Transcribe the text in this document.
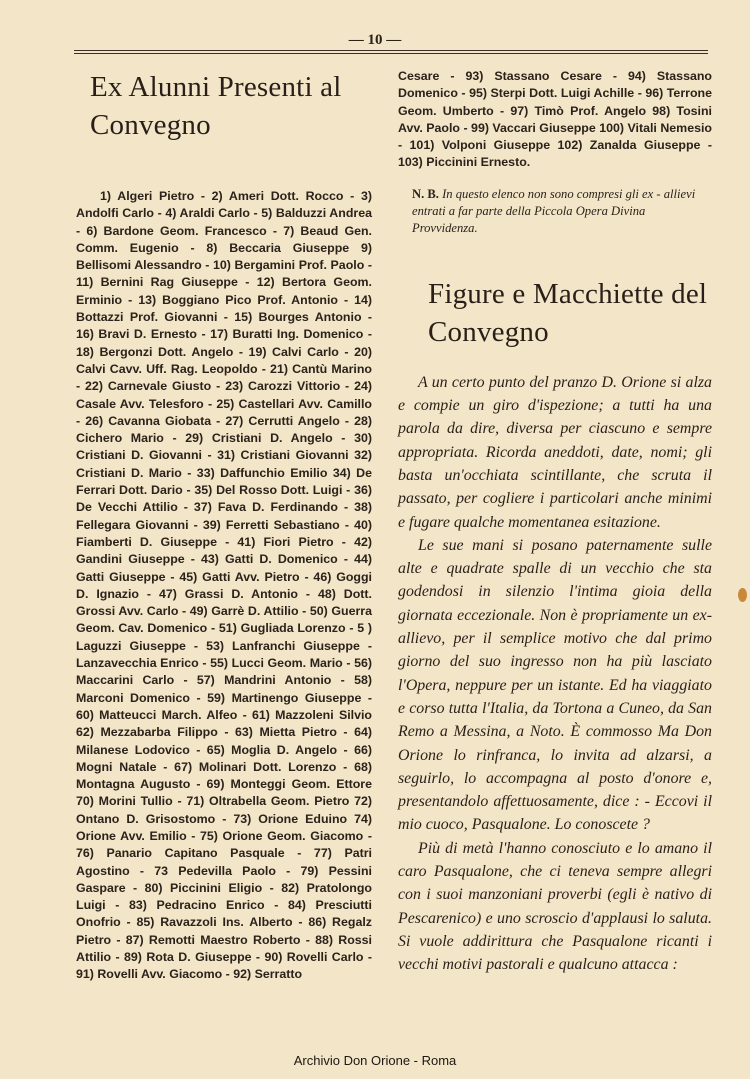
— 10 —
Ex Alunni Presenti al Convegno

1) Algeri Pietro - 2) Ameri Dott. Rocco - 3) Andolfi Carlo - 4) Araldi Carlo - 5) Balduzzi Andrea - 6) Bardone Geom. Francesco - 7) Beaud Gen. Comm. Eugenio - 8) Beccaria Giuseppe 9) Bellisomi Alessandro - 10) Bergamini Prof. Paolo - 11) Bernini Rag Giuseppe - 12) Bertora Geom. Erminio - 13) Boggiano Pico Prof. Antonio - 14) Bottazzi Prof. Giovanni - 15) Bourges Antonio - 16) Bravi D. Ernesto - 17) Buratti Ing. Domenico - 18) Bergonzi Dott. Angelo - 19) Calvi Carlo - 20) Calvi Cavv. Uff. Rag. Leopoldo - 21) Cantù Marino - 22) Carnevale Giusto - 23) Carozzi Vittorio - 24) Casale Avv. Telesforo - 25) Castellari Avv. Camillo - 26) Cavanna Giobata - 27) Cerrutti Angelo - 28) Cichero Mario - 29) Cristiani D. Angelo - 30) Cristiani D. Giovanni - 31) Cristiani Giovanni 32) Cristiani D. Mario - 33) Daffunchio Emilio 34) De Ferrari Dott. Dario - 35) Del Rosso Dott. Luigi - 36) De Vecchi Attilio - 37) Fava D. Ferdinando - 38) Fellegara Giovanni - 39) Ferretti Sebastiano - 40) Fiamberti D. Giuseppe - 41) Fiori Pietro - 42) Gandini Giuseppe - 43) Gatti D. Domenico - 44) Gatti Giuseppe - 45) Gatti Avv. Pietro - 46) Goggi D. Ignazio - 47) Grassi D. Antonio - 48) Dott. Grossi Avv. Carlo - 49) Garrè D. Attilio - 50) Guerra Geom. Cav. Domenico - 51) Gugliada Lorenzo - 5 ) Laguzzi Giuseppe - 53) Lanfranchi Giuseppe - Lanzavecchia Enrico - 55) Lucci Geom. Mario - 56) Maccarini Carlo - 57) Mandrini Antonio - 58) Marconi Domenico - 59) Martinengo Giuseppe - 60) Matteucci March. Alfeo - 61) Mazzoleni Silvio 62) Mezzabarba Filippo - 63) Mietta Pietro - 64) Milanese Lodovico - 65) Moglia D. Angelo - 66) Mogni Natale - 67) Molinari Dott. Lorenzo - 68) Montagna Augusto - 69) Monteggi Geom. Ettore 70) Morini Tullio - 71) Oltrabella Geom. Pietro 72) Ontano D. Grisostomo - 73) Orione Eduino 74) Orione Avv. Emilio - 75) Orione Geom. Giacomo - 76) Panario Capitano Pasquale - 77) Patri Agostino - 73 Pedevilla Paolo - 79) Pessini Gaspare - 80) Piccinini Eligio - 82) Pratolongo Luigi - 83) Pedracino Enrico - 84) Presciutti Onofrio - 85) Ravazzoli Ins. Alberto - 86) Regalz Pietro - 87) Remotti Maestro Roberto - 88) Rossi Attilio - 89) Rota D. Giuseppe - 90) Rovelli Carlo - 91) Rovelli Avv. Giacomo - 92) Serratto

Cesare - 93) Stassano Cesare - 94) Stassano Domenico - 95) Sterpi Dott. Luigi Achille - 96) Terrone Geom. Umberto - 97) Timò Prof. Angelo 98) Tosini Avv. Paolo - 99) Vaccari Giuseppe 100) Vitali Nemesio - 101) Volponi Giuseppe 102) Zanalda Giuseppe - 103) Piccinini Ernesto.

N. B. In questo elenco non sono compresi gli ex - allievi entrati a far parte della Piccola Opera Divina Provvidenza.

Figure e Macchiette del Convegno

A un certo punto del pranzo D. Orione si alza e compie un giro d'ispezione; a tutti ha una parola da dire, diversa per ciascuno e sempre appropriata. Ricorda aneddoti, date, nomi; gli basta un'occhiata scintillante, che scruta il passato, per cogliere i particolari anche minimi e fugare qualche momentanea esitazione.

Le sue mani si posano paternamente sulle alte e quadrate spalle di un vecchio che sta godendosi in silenzio l'intima gioia della giornata eccezionale. Non è propriamente un ex-allievo, per il semplice motivo che dal primo giorno del suo ingresso non ha più lasciato l'Opera, neppure per un istante. Ed ha viaggiato e corso tutta l'Italia, da Tortona a Cuneo, da San Remo a Messina, a Noto. È commosso Ma Don Orione lo rinfranca, lo invita ad alzarsi, a seguirlo, lo accompagna al posto d'onore e, presentandolo affettuosamente, dice : - Eccovi il mio cuoco, Pasqualone. Lo conoscete ?

Più di metà l'hanno conosciuto e lo amano il caro Pasqualone, che ci teneva sempre allegri con i suoi manzoniani proverbi (egli è nativo di Pescarenico) e uno scroscio d'applausi lo saluta. Si vuole addirittura che Pasqualone ricanti i vecchi motivi pastorali e qualcuno attacca :

Archivio Don Orione - Roma
